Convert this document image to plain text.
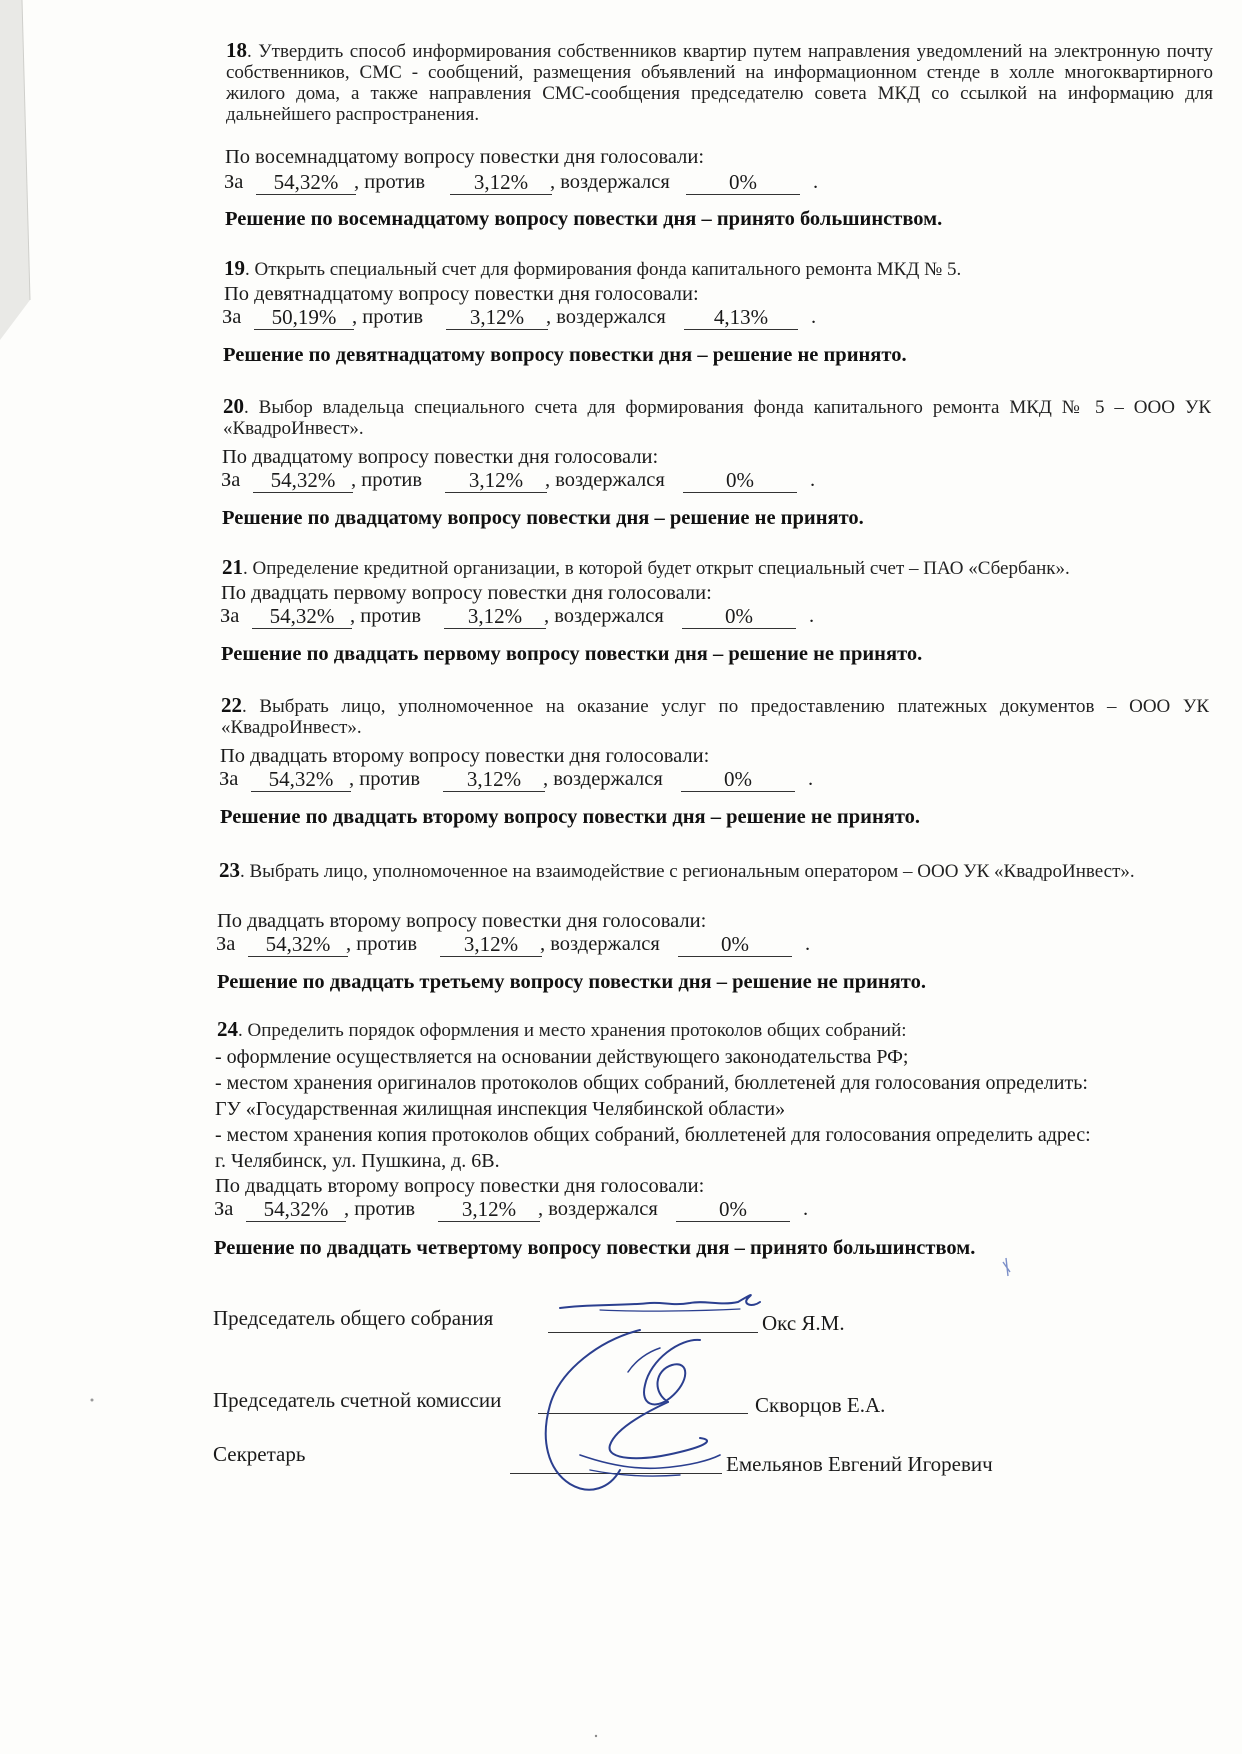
18. Утвердить способ информирования собственников квартир путем направления уведомлений на электронную почту собственников, СМС - сообщений, размещения объявлений на информационном стенде в холле многоквартирного жилого дома, а также направления СМС-сообщения председателю совета МКД со ссылкой на информацию для дальнейшего распространения.
По восемнадцатому вопросу повестки дня голосовали:
За	54,32% , против	3,12%	, воздержался	0%	.
Решение по восемнадцатому вопросу повестки дня – принято большинством.
19. Открыть специальный счет для формирования фонда капитального ремонта МКД № 5.
По девятнадцатому вопросу повестки дня голосовали:
За	50,19% , против	3,12%	, воздержался	4,13%	.
Решение по девятнадцатому вопросу повестки дня – решение не принято.
20. Выбор владельца специального счета для формирования фонда капитального ремонта МКД № 5 – ООО УК «КвадроИнвест».
По двадцатому вопросу повестки дня голосовали:
За	54,32% , против	3,12%	, воздержался	0%	.
Решение по двадцатому вопросу повестки дня – решение не принято.
21. Определение кредитной организации, в которой будет открыт специальный счет – ПАО «Сбербанк».
По двадцать первому вопросу повестки дня голосовали:
За	54,32% , против	3,12%	, воздержался	0%	.
Решение по двадцать первому вопросу повестки дня – решение не принято.
22. Выбрать лицо, уполномоченное на оказание услуг по предоставлению платежных документов – ООО УК «КвадроИнвест».
По двадцать второму вопросу повестки дня голосовали:
За	54,32% , против	3,12%	, воздержался	0%	.
Решение по двадцать второму вопросу повестки дня – решение не принято.
23. Выбрать лицо, уполномоченное на взаимодействие с региональным оператором – ООО УК «КвадроИнвест».
По двадцать второму вопросу повестки дня голосовали:
За	54,32% , против	3,12%	, воздержался	0%	.
Решение по двадцать третьему вопросу повестки дня – решение не принято.
24. Определить порядок оформления и место хранения протоколов общих собраний:
- оформление осуществляется на основании действующего законодательства РФ;
- местом хранения оригиналов протоколов общих собраний, бюллетеней для голосования определить:
ГУ «Государственная жилищная инспекция Челябинской области»
- местом хранения копия протоколов общих собраний, бюллетеней для голосования определить адрес:
г. Челябинск, ул. Пушкина, д. 6В.
По двадцать второму вопросу повестки дня голосовали:
За	54,32% , против	3,12%	, воздержался	0%	.
Решение по двадцать четвертому вопросу повестки дня – принято большинством.
Председатель общего собрания	Окс Я.М.
Председатель счетной комиссии	Скворцов Е.А.
Секретарь	Емельянов Евгений Игоревич
